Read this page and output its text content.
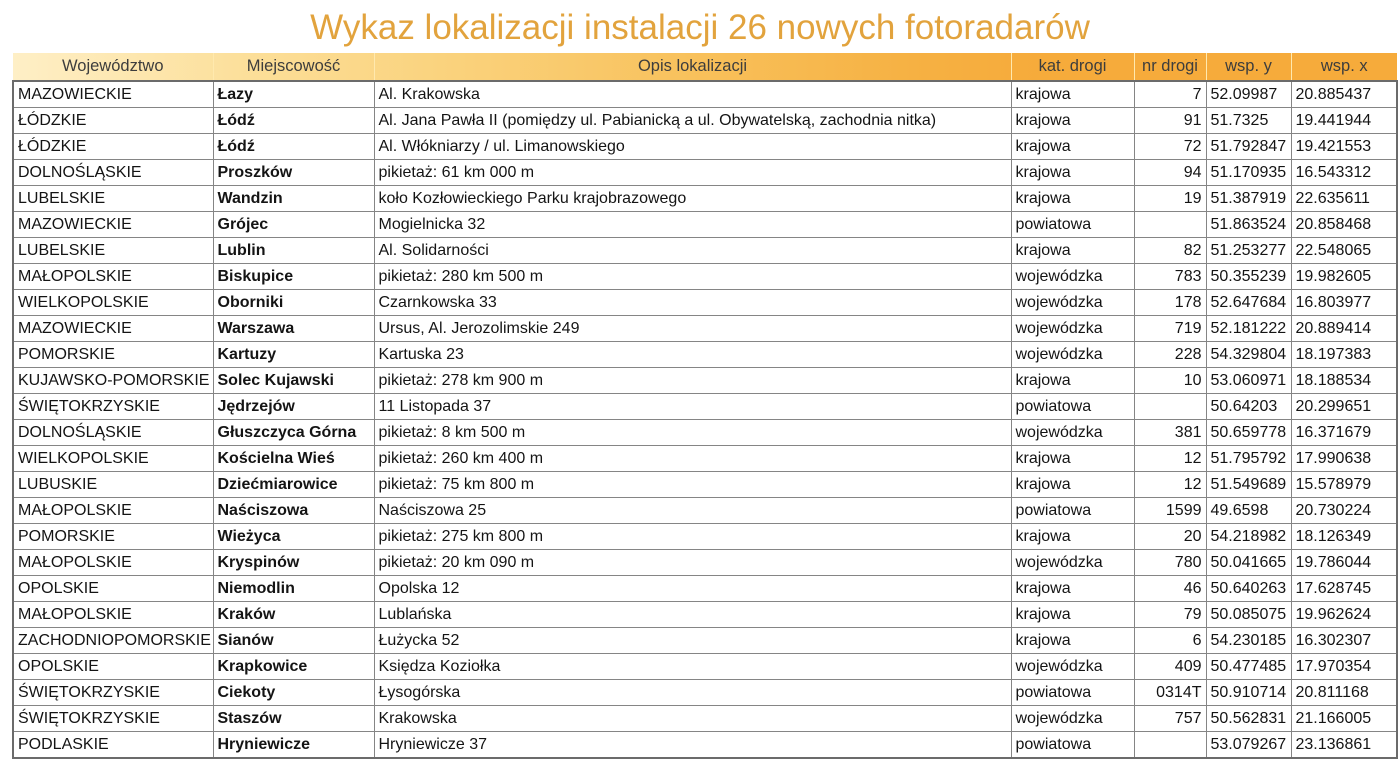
Wykaz lokalizacji instalacji 26 nowych fotoradarów
Województwo	Miejscowość	Opis lokalizacji	kat. drogi	nr drogi	wsp. y	wsp. x
MAZOWIECKIE	Łazy	Al. Krakowska	krajowa	7	52.09987	20.885437
ŁÓDZKIE	Łódź	Al. Jana Pawła II (pomiędzy ul. Pabianicką a ul. Obywatelską, zachodnia nitka)	krajowa	91	51.7325	19.441944
ŁÓDZKIE	Łódź	Al. Włókniarzy / ul. Limanowskiego	krajowa	72	51.792847	19.421553
DOLNOŚLĄSKIE	Proszków	pikietaż: 61 km 000 m	krajowa	94	51.170935	16.543312
LUBELSKIE	Wandzin	koło Kozłowieckiego Parku krajobrazowego	krajowa	19	51.387919	22.635611
MAZOWIECKIE	Grójec	Mogielnicka 32	powiatowa		51.863524	20.858468
LUBELSKIE	Lublin	Al. Solidarności	krajowa	82	51.253277	22.548065
MAŁOPOLSKIE	Biskupice	pikietaż: 280 km 500 m	wojewódzka	783	50.355239	19.982605
WIELKOPOLSKIE	Oborniki	Czarnkowska 33	wojewódzka	178	52.647684	16.803977
MAZOWIECKIE	Warszawa	Ursus, Al. Jerozolimskie 249	wojewódzka	719	52.181222	20.889414
POMORSKIE	Kartuzy	Kartuska 23	wojewódzka	228	54.329804	18.197383
KUJAWSKO-POMORSKIE	Solec Kujawski	pikietaż: 278 km 900 m	krajowa	10	53.060971	18.188534
ŚWIĘTOKRZYSKIE	Jędrzejów	11 Listopada 37	powiatowa		50.64203	20.299651
DOLNOŚLĄSKIE	Głuszczyca Górna	pikietaż: 8 km 500 m	wojewódzka	381	50.659778	16.371679
WIELKOPOLSKIE	Kościelna Wieś	pikietaż: 260 km 400 m	krajowa	12	51.795792	17.990638
LUBUSKIE	Dziećmiarowice	pikietaż: 75 km 800 m	krajowa	12	51.549689	15.578979
MAŁOPOLSKIE	Naściszowa	Naściszowa 25	powiatowa	1599	49.6598	20.730224
POMORSKIE	Wieżyca	pikietaż: 275 km 800 m	krajowa	20	54.218982	18.126349
MAŁOPOLSKIE	Kryspinów	pikietaż: 20 km 090 m	wojewódzka	780	50.041665	19.786044
OPOLSKIE	Niemodlin	Opolska 12	krajowa	46	50.640263	17.628745
MAŁOPOLSKIE	Kraków	Lublańska	krajowa	79	50.085075	19.962624
ZACHODNIOPOMORSKIE	Sianów	Łużycka 52	krajowa	6	54.230185	16.302307
OPOLSKIE	Krapkowice	Księdza Koziołka	wojewódzka	409	50.477485	17.970354
ŚWIĘTOKRZYSKIE	Ciekoty	Łysogórska	powiatowa	0314T	50.910714	20.811168
ŚWIĘTOKRZYSKIE	Staszów	Krakowska	wojewódzka	757	50.562831	21.166005
PODLASKIE	Hryniewicze	Hryniewicze 37	powiatowa		53.079267	23.136861
